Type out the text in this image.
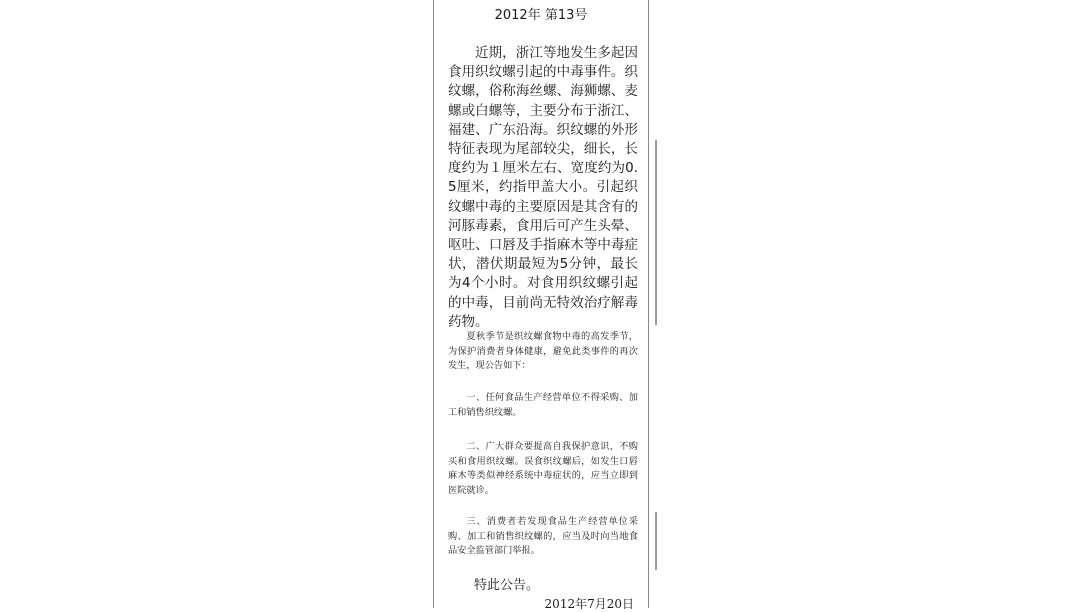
2012年 第13号

近期，浙江等地发生多起因食用织纹螺引起的中毒事件。织纹螺，俗称海丝螺、海狮螺、麦螺或白螺等，主要分布于浙江、福建、广东沿海。织纹螺的外形特征表现为尾部较尖，细长，长度约为１厘米左右、宽度约为0.5厘米，约指甲盖大小。引起织纹螺中毒的主要原因是其含有的河豚毒素，食用后可产生头晕、呕吐、口唇及手指麻木等中毒症状，潜伏期最短为5分钟，最长为4个小时。对食用织纹螺引起的中毒，目前尚无特效治疗解毒药物。

夏秋季节是织纹螺食物中毒的高发季节，为保护消费者身体健康，避免此类事件的再次发生，现公告如下：

一、任何食品生产经营单位不得采购、加工和销售织纹螺。

二、广大群众要提高自我保护意识，不购买和食用织纹螺。误食织纹螺后，如发生口唇麻木等类似神经系统中毒症状的，应当立即到医院就诊。

三、消费者若发现食品生产经营单位采购、加工和销售织纹螺的，应当及时向当地食品安全监管部门举报。

特此公告。
2012年7月20日
